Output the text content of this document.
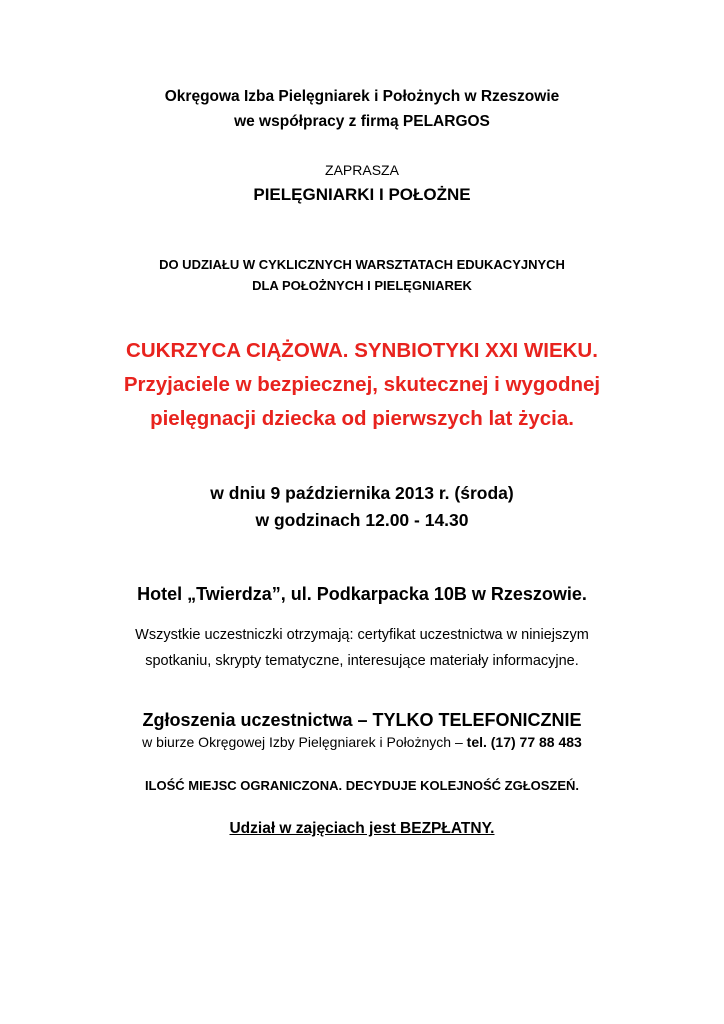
Okręgowa Izba Pielęgniarek i Położnych w Rzeszowie

we współpracy z firmą PELARGOS

ZAPRASZA

PIELĘGNIARKI I POŁOŻNE

DO UDZIAŁU W CYKLICZNYCH WARSZTATACH EDUKACYJNYCH

DLA POŁOŻNYCH I PIELĘGNIAREK

CUKRZYCA CIĄŻOWA. SYNBIOTYKI XXI WIEKU.

Przyjaciele w bezpiecznej, skutecznej i wygodnej

pielęgnacji dziecka od pierwszych lat życia.

w dniu 9 października 2013 r. (środa)

w godzinach 12.00 - 14.30

Hotel „Twierdza”, ul. Podkarpacka 10B w Rzeszowie.

Wszystkie uczestniczki otrzymają: certyfikat uczestnictwa w niniejszym

spotkaniu, skrypty tematyczne, interesujące materiały informacyjne.

Zgłoszenia uczestnictwa – TYLKO TELEFONICZNIE

w biurze Okręgowej Izby Pielęgniarek i Położnych – tel. (17) 77 88 483

ILOŚĆ MIEJSC OGRANICZONA. DECYDUJE KOLEJNOŚĆ ZGŁOSZEŃ.

Udział w zajęciach jest BEZPŁATNY.
